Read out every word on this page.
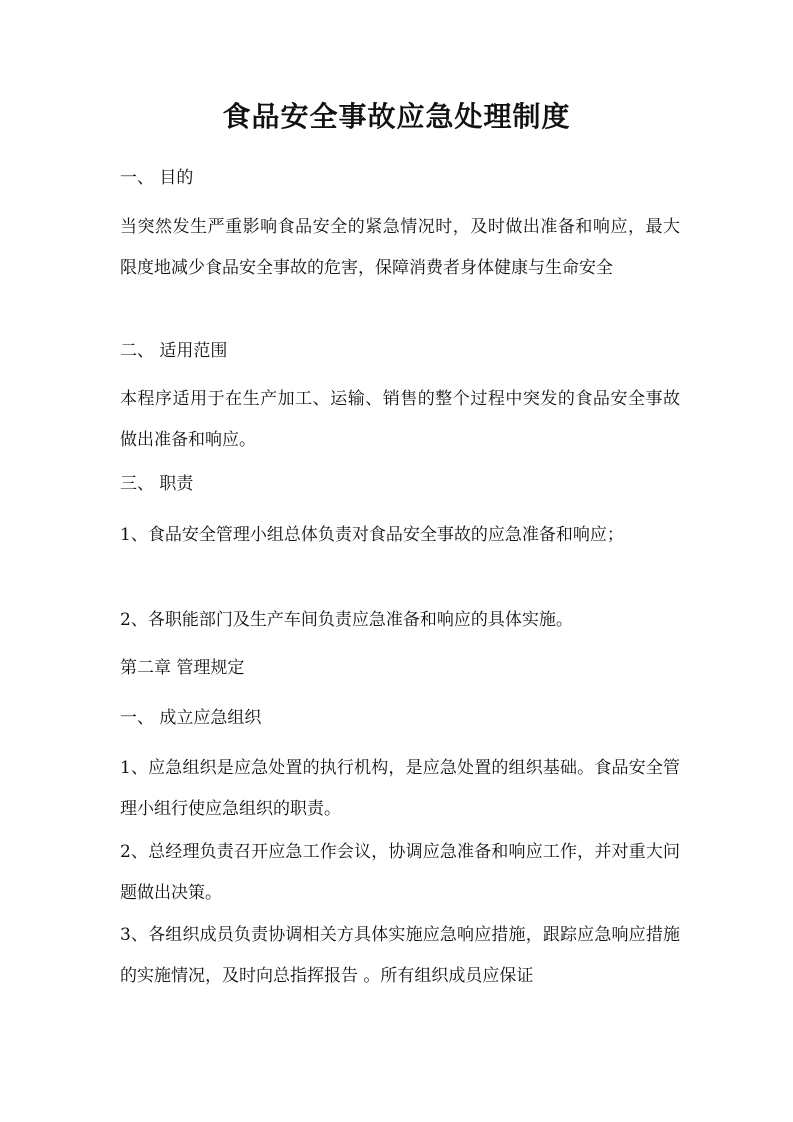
食品安全事故应急处理制度

一、 目的

当突然发生严重影响食品安全的紧急情况时，及时做出准备和响应，最大限度地减少食品安全事故的危害，保障消费者身体健康与生命安全

二、 适用范围

本程序适用于在生产加工、运输、销售的整个过程中突发的食品安全事故做出准备和响应。

三、 职责

1、食品安全管理小组总体负责对食品安全事故的应急准备和响应；

2、各职能部门及生产车间负责应急准备和响应的具体实施。

第二章 管理规定

一、 成立应急组织

1、应急组织是应急处置的执行机构，是应急处置的组织基础。食品安全管理小组行使应急组织的职责。

2、总经理负责召开应急工作会议，协调应急准备和响应工作，并对重大问题做出决策。

3、各组织成员负责协调相关方具体实施应急响应措施，跟踪应急响应措施的实施情况，及时向总指挥报告 。所有组织成员应保证
